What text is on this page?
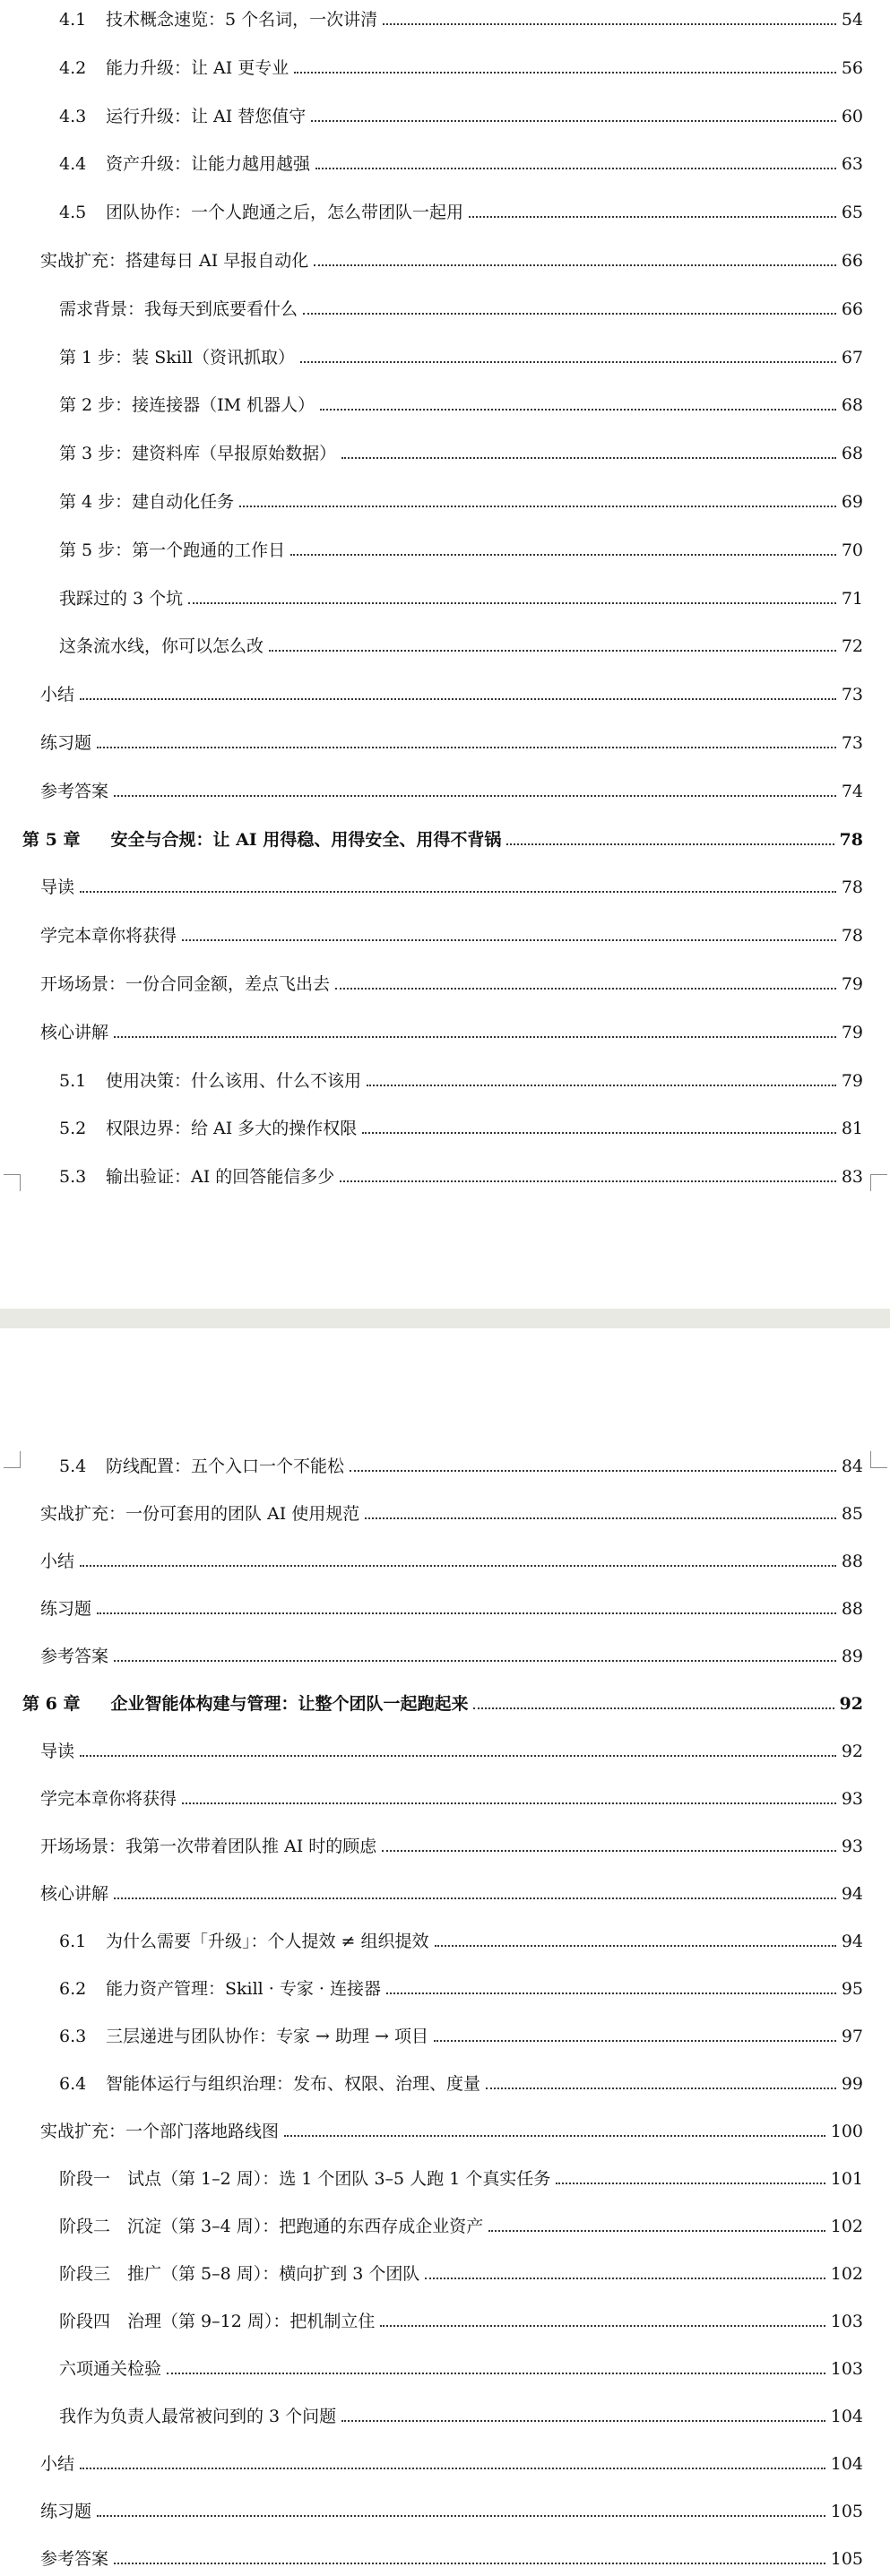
4.1 技术概念速览：5 个名词，一次讲清	54
4.2 能力升级：让 AI 更专业	56
4.3 运行升级：让 AI 替您值守	60
4.4 资产升级：让能力越用越强	63
4.5 团队协作：一个人跑通之后，怎么带团队一起用	65
实战扩充：搭建每日 AI 早报自动化	66
需求背景：我每天到底要看什么	66
第 1 步：装 Skill（资讯抓取）	67
第 2 步：接连接器（IM 机器人）	68
第 3 步：建资料库（早报原始数据）	68
第 4 步：建自动化任务	69
第 5 步：第一个跑通的工作日	70
我踩过的 3 个坑	71
这条流水线，你可以怎么改	72
小结	73
练习题	73
参考答案	74
第 5 章 安全与合规：让 AI 用得稳、用得安全、用得不背锅	78
导读	78
学完本章你将获得	78
开场场景：一份合同金额，差点飞出去	79
核心讲解	79
5.1 使用决策：什么该用、什么不该用	79
5.2 权限边界：给 AI 多大的操作权限	81
5.3 输出验证：AI 的回答能信多少	83
5.4 防线配置：五个入口一个不能松	84
实战扩充：一份可套用的团队 AI 使用规范	85
小结	88
练习题	88
参考答案	89
第 6 章 企业智能体构建与管理：让整个团队一起跑起来	92
导读	92
学完本章你将获得	93
开场场景：我第一次带着团队推 AI 时的顾虑	93
核心讲解	94
6.1 为什么需要「升级」：个人提效 ≠ 组织提效	94
6.2 能力资产管理：Skill · 专家 · 连接器	95
6.3 三层递进与团队协作：专家 → 助理 → 项目	97
6.4 智能体运行与组织治理：发布、权限、治理、度量	99
实战扩充：一个部门落地路线图	100
阶段一　试点（第 1–2 周）：选 1 个团队 3–5 人跑 1 个真实任务	101
阶段二　沉淀（第 3–4 周）：把跑通的东西存成企业资产	102
阶段三　推广（第 5–8 周）：横向扩到 3 个团队	102
阶段四　治理（第 9–12 周）：把机制立住	103
六项通关检验	103
我作为负责人最常被问到的 3 个问题	104
小结	104
练习题	105
参考答案	105
